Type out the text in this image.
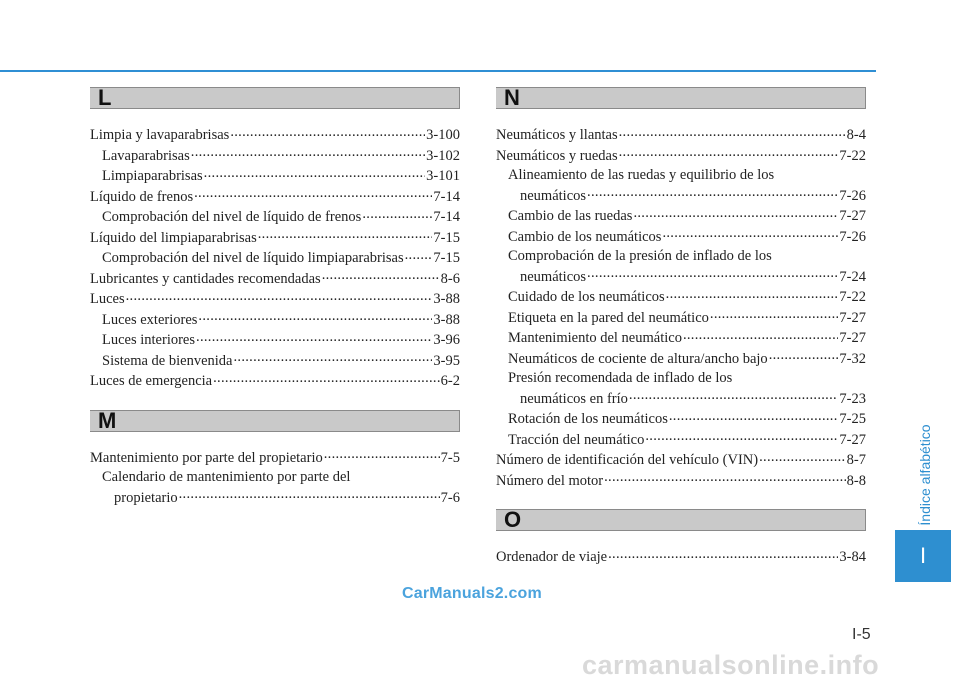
L
Limpia y lavaparabrisas .....	3-100
Lavaparabrisas .....	3-102
Limpiaparabrisas .....	3-101
Líquido de frenos .....	7-14
Comprobación del nivel de líquido de frenos .....	7-14
Líquido del limpiaparabrisas .....	7-15
Comprobación del nivel de líquido limpiaparabrisas ..... 7-15
Lubricantes y cantidades recomendadas .....	8-6
Luces .....	3-88
Luces exteriores .....	3-88
Luces interiores .....	3-96
Sistema de bienvenida .....	3-95
Luces de emergencia .....	6-2
M
Mantenimiento por parte del propietario .....	7-5
Calendario de mantenimiento por parte del
propietario .....	7-6
N
Neumáticos y llantas .....	8-4
Neumáticos y ruedas .....	7-22
Alineamiento de las ruedas y equilibrio de los
neumáticos .....	7-26
Cambio de las ruedas .....	7-27
Cambio de los neumáticos .....	7-26
Comprobación de la presión de inflado de los
neumáticos .....	7-24
Cuidado de los neumáticos .....	7-22
Etiqueta en la pared del neumático .....	7-27
Mantenimiento del neumático .....	7-27
Neumáticos de cociente de altura/ancho bajo .....	7-32
Presión recomendada de inflado de los
neumáticos en frío .....	7-23
Rotación de los neumáticos .....	7-25
Tracción del neumático .....	7-27
Número de identificación del vehículo (VIN) .....	8-7
Número del motor .....	8-8
O
Ordenador de viaje .....	3-84
Índice alfabético
I
I-5
CarManuals2.com
carmanualsonline.info
